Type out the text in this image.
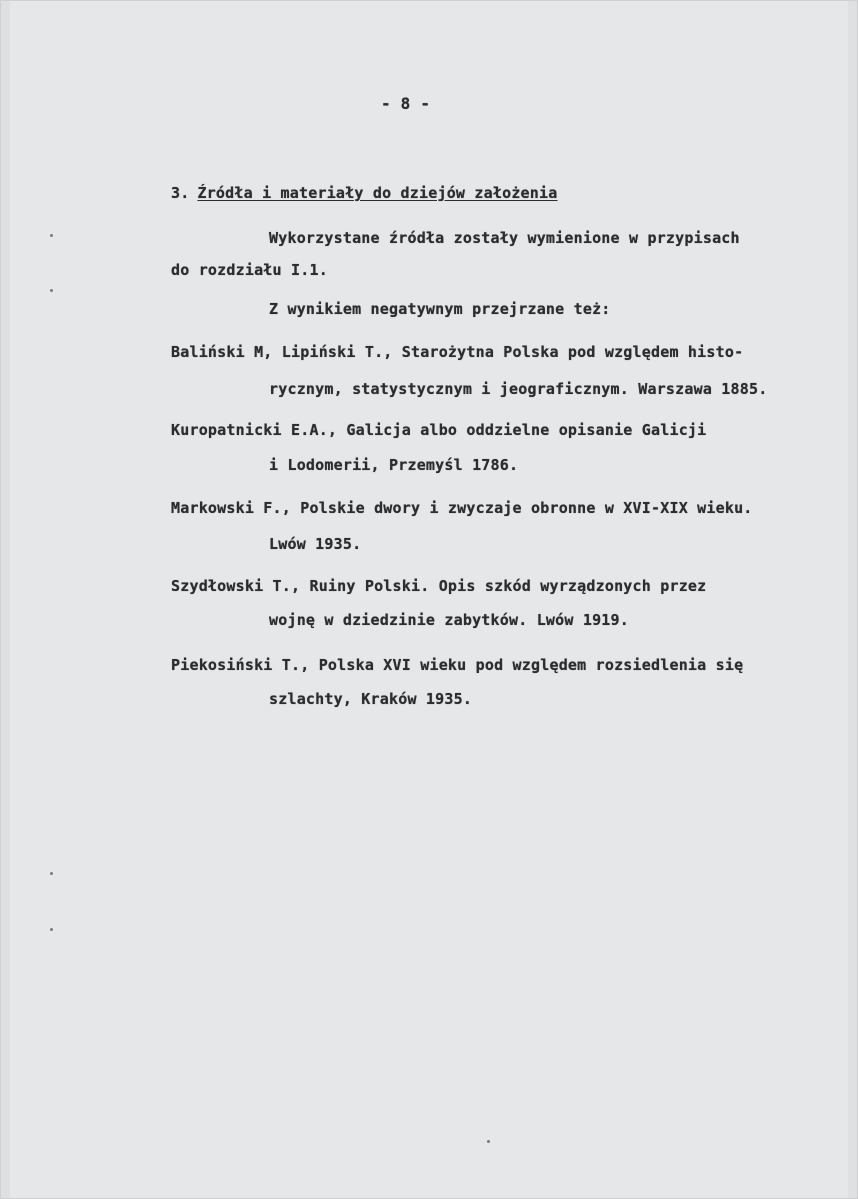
- 8 -
3. Źródła i materiały do dziejów założenia
Wykorzystane źródła zostały wymienione w przypisach
do rozdziału I.1.
Z wynikiem negatywnym przejrzane też:
Baliński M, Lipiński T., Starożytna Polska pod względem histo-
rycznym, statystycznym i jeograficznym. Warszawa 1885.
Kuropatnicki E.A., Galicja albo oddzielne opisanie Galicji
i Lodomerii, Przemyśl 1786.
Markowski F., Polskie dwory i zwyczaje obronne w XVI-XIX wieku.
Lwów 1935.
Szydłowski T., Ruiny Polski. Opis szkód wyrządzonych przez
wojnę w dziedzinie zabytków. Lwów 1919.
Piekosiński T., Polska XVI wieku pod względem rozsiedlenia się
szlachty, Kraków 1935.
